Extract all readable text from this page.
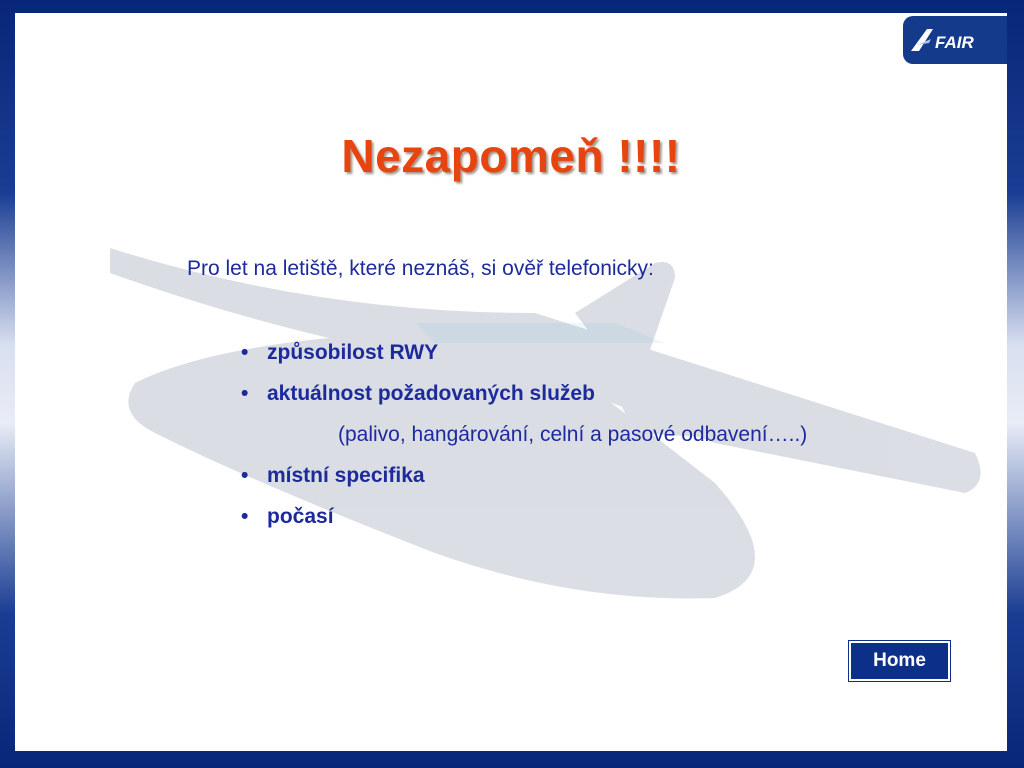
FAIR
Nezapomeň !!!!
Pro let na letiště, které neznáš, si ověř telefonicky:
• způsobilost RWY
• aktuálnost požadovaných služeb
(palivo, hangárování, celní a pasové odbavení…..)
• místní specifika
• počasí
Home
